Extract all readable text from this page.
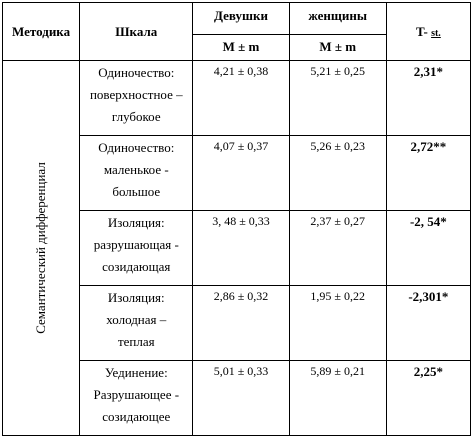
Методика	Шкала	Девушки	женщины	T- st.
		M ± m	M ± m	

Семантический дифференциал	Одиночество:
поверхностное –
глубокое	4,21 ± 0,38	5,21 ± 0,25	2,31*

	Одиночество:
маленькое -
большое	4,07 ± 0,37	5,26 ± 0,23	2,72**

	Изоляция:
разрушающая -
созидающая	3, 48 ± 0,33	2,37 ± 0,27	-2, 54*

	Изоляция:
холодная –
теплая	2,86 ± 0,32	1,95 ± 0,22	-2,301*

	Уединение:
Разрушающее -
созидающее	5,01 ± 0,33	5,89 ± 0,21	2,25*
